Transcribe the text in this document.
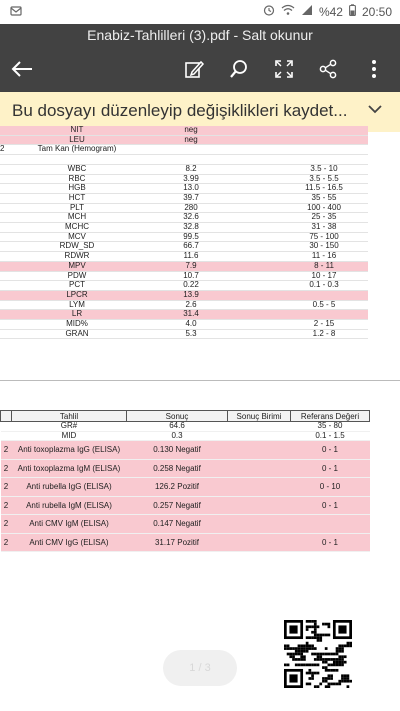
%42 20:50
Enabiz-Tahlilleri (3).pdf - Salt okunur
Bu dosyayı düzenleyip değişiklikleri kaydet...
	NIT	neg		
	LEU	neg		
2	Tam Kan (Hemogram)			

	WBC	8.2		3.5 - 10
	RBC	3.99		3.5 - 5.5
	HGB	13.0		11.5 - 16.5
	HCT	39.7		35 - 55
	PLT	280		100 - 400
	MCH	32.6		25 - 35
	MCHC	32.8		31 - 38
	MCV	99.5		75 - 100
	RDW_SD	66.7		30 - 150
	RDWR	11.6		11 - 16
	MPV	7.9		8 - 11
	PDW	10.7		10 - 17
	PCT	0.22		0.1 - 0.3
	LPCR	13.9		
	LYM	2.6		0.5 - 5
	LR	31.4		
	MID%	4.0		2 - 15
	GRAN	5.3		1.2 - 8
	Tahlil	Sonuç	Sonuç Birimi	Referans Değeri
	GR#	64.6		35 - 80
	MID	0.3		0.1 - 1.5
2	Anti toxoplazma IgG (ELISA)	0.130 Negatif		0 - 1
2	Anti toxoplazma IgM (ELISA)	0.258 Negatif		0 - 1
2	Anti rubella IgG (ELISA)	126.2 Pozitif		0 - 10
2	Anti rubella IgM (ELISA)	0.257 Negatif		0 - 1
2	Anti CMV IgM (ELISA)	0.147 Negatif		
2	Anti CMV IgG (ELISA)	31.17 Pozitif		0 - 1
1 / 3
